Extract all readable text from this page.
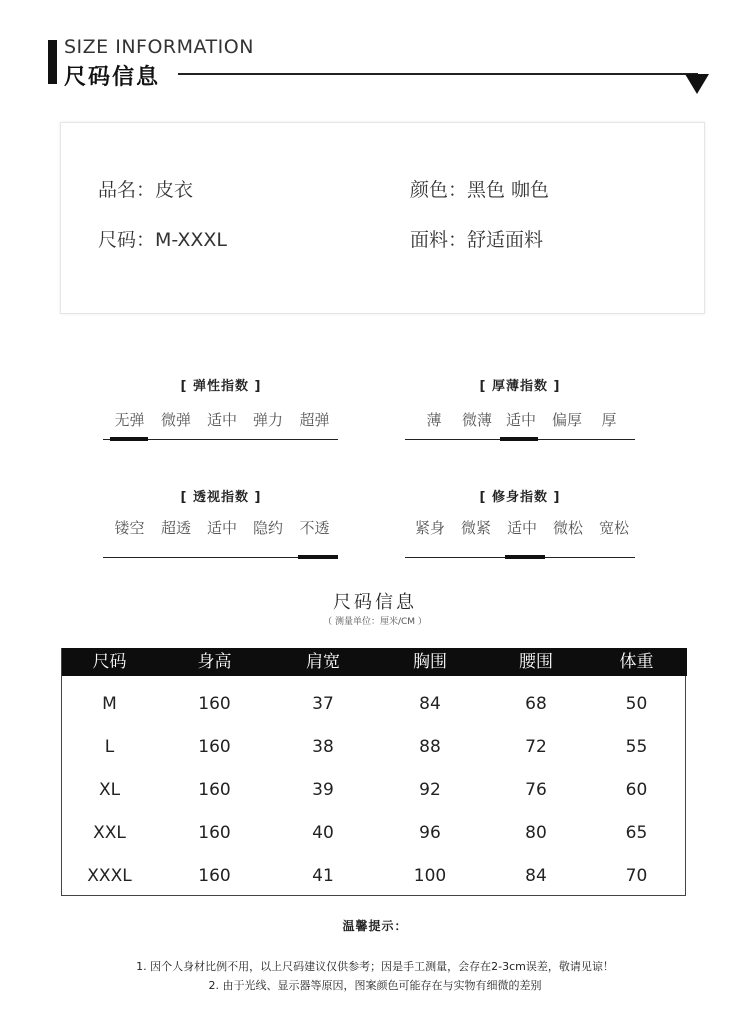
SIZE INFORMATION
尺码信息
品名：皮衣	颜色：黑色 咖色
尺码：M-XXXL	面料：舒适面料
[ 弹性指数 ]
无弹	微弹	适中	弹力	超弹
[ 厚薄指数 ]
薄	微薄 适中	偏厚	厚
[ 透视指数 ]
镂空	超透	适中	隐约	不透
[ 修身指数 ]
紧身	微紧	适中	微松	宽松
尺码信息
（ 测量单位：厘米/CM ）
尺码	身高	肩宽	胸围	腰围	体重
M	160	37	84	68	50
L	160	38	88	72	55
XL	160	39	92	76	60
XXL	160	40	96	80	65
XXXL	160	41	100	84	70
温馨提示：
1. 因个人身材比例不用，以上尺码建议仅供参考；因是手工测量，会存在2-3cm误差，敬请见谅！
2. 由于光线、显示器等原因，图案颜色可能存在与实物有细微的差别
